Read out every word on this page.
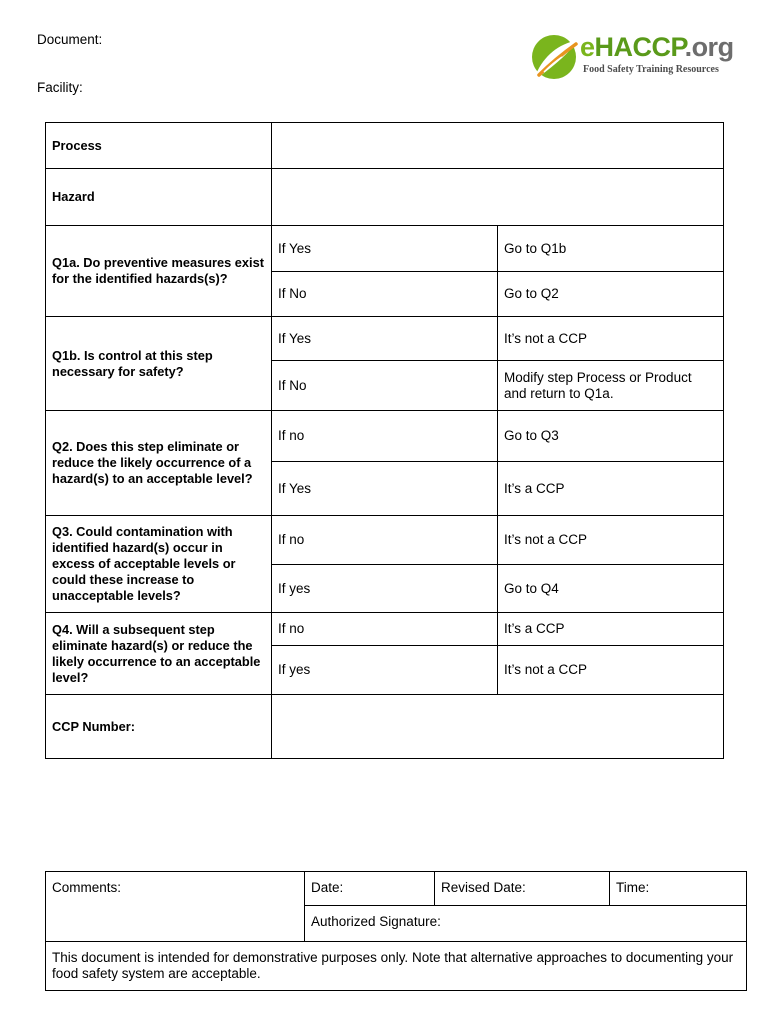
Document:
Facility:
eHACCP.org
Food Safety Training Resources
Process		
Hazard		
Q1a. Do preventive measures exist for the identified hazards(s)?	If Yes	Go to Q1b
	If No	Go to Q2
Q1b. Is control at this step necessary for safety?	If Yes	It’s not a CCP
	If No	Modify step Process or Product and return to Q1a.
Q2. Does this step eliminate or reduce the likely occurrence of a hazard(s) to an acceptable level?	If no	Go to Q3
	If Yes	It’s a CCP
Q3. Could contamination with identified hazard(s) occur in excess of acceptable levels or could these increase to unacceptable levels?	If no	It’s not a CCP
	If yes	Go to Q4
Q4. Will a subsequent step eliminate hazard(s) or reduce the likely occurrence to an acceptable level?	If no	It’s a CCP
	If yes	It’s not a CCP
CCP Number:		
Comments:	Date:	Revised Date:	Time:
Authorized Signature:
This document is intended for demonstrative purposes only. Note that alternative approaches to documenting your food safety system are acceptable.
